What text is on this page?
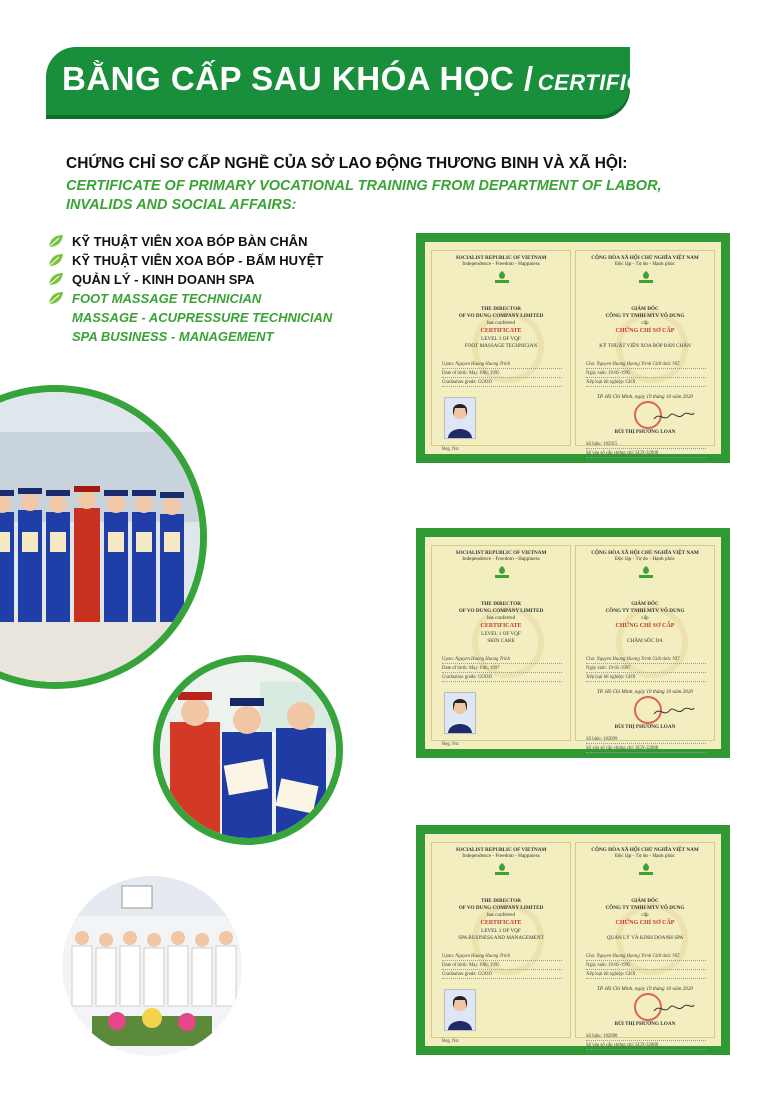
BẰNG CẤP SAU KHÓA HỌC / CERTIFICATES
CHỨNG CHỈ SƠ CẤP NGHỀ CỦA SỞ LAO ĐỘNG THƯƠNG BINH VÀ XÃ HỘI:
CERTIFICATE OF PRIMARY VOCATIONAL TRAINING FROM DEPARTMENT OF LABOR, INVALIDS AND SOCIAL AFFAIRS:
KỸ THUẬT VIÊN XOA BÓP BÀN CHÂN
KỸ THUẬT VIÊN XOA BÓP - BẤM HUYỆT
QUẢN LÝ - KINH DOANH SPA
FOOT MASSAGE TECHNICIAN
MASSAGE - ACUPRESSURE TECHNICIAN
SPA BUSINESS - MANAGEMENT
SOCIALIST REPUBLIC OF VIETNAM
Independence - Freedom - Happiness
THE DIRECTOR
OF VO DUNG COMPANY LIMITED
has conferred
CERTIFICATE
LEVEL 1 OF VQF
FOOT MASSAGE TECHNICIAN
Upon: Nguyen Huong Huong Trinh
Date of birth: May 19th, 1995
Graduation grade: GOOD
Reg. No:
CỘNG HÒA XÃ HỘI CHỦ NGHĨA VIỆT NAM
Độc lập - Tự do - Hạnh phúc
GIÁM ĐỐC
CÔNG TY TNHH MTV VÕ DUNG
cấp
CHỨNG CHỈ SƠ CẤP
KỸ THUẬT VIÊN XOA BÓP BÀN CHÂN
Cho: Nguyen Huong Huong Trinh Giới tính: NỮ
Ngày sinh: 19-05-1995
Xếp loại tốt nghiệp: GIỎI
TP. Hồ Chí Minh, ngày 19 tháng 10 năm 2020
BÙI THỊ PHƯƠNG LOAN
Số hiệu: 182915
Số vào sổ cấp chứng chỉ: SCN-32898
SOCIALIST REPUBLIC OF VIETNAM
Independence - Freedom - Happiness
THE DIRECTOR
OF VO DUNG COMPANY LIMITED
has conferred
CERTIFICATE
LEVEL 1 OF VQF
SKIN CARE
Upon: Nguyen Huong Huong Trinh
Date of birth: May 19th, 1997
Graduation grade: GOOD
Reg. No:
CỘNG HÒA XÃ HỘI CHỦ NGHĨA VIỆT NAM
Độc lập - Tự do - Hạnh phúc
GIÁM ĐỐC
CÔNG TY TNHH MTV VÕ DUNG
cấp
CHỨNG CHỈ SƠ CẤP
CHĂM SÓC DA
Cho: Nguyen Huong Huong Trinh Giới tính: NỮ
Ngày sinh: 19-05-1997
Xếp loại tốt nghiệp: GIỎI
TP. Hồ Chí Minh, ngày 19 tháng 10 năm 2020
BÙI THỊ PHƯƠNG LOAN
Số hiệu: 182899
Số vào sổ cấp chứng chỉ: SCN-32888
SOCIALIST REPUBLIC OF VIETNAM
Independence - Freedom - Happiness
THE DIRECTOR
OF VO DUNG COMPANY LIMITED
has conferred
CERTIFICATE
LEVEL 1 OF VQF
SPA BUSINESS AND MANAGEMENT
Upon: Nguyen Huong Huong Trinh
Date of birth: May 19th, 1995
Graduation grade: GOOD
Reg. No:
CỘNG HÒA XÃ HỘI CHỦ NGHĨA VIỆT NAM
Độc lập - Tự do - Hạnh phúc
GIÁM ĐỐC
CÔNG TY TNHH MTV VÕ DUNG
cấp
CHỨNG CHỈ SƠ CẤP
QUẢN LÝ VÀ KINH DOANH SPA
Cho: Nguyen Huong Huong Trinh Giới tính: NỮ
Ngày sinh: 19-05-1995
Xếp loại tốt nghiệp: GIỎI
TP. Hồ Chí Minh, ngày 19 tháng 10 năm 2020
BÙI THỊ PHƯƠNG LOAN
Số hiệu: 182898
Số vào sổ cấp chứng chỉ: SCN-32888
